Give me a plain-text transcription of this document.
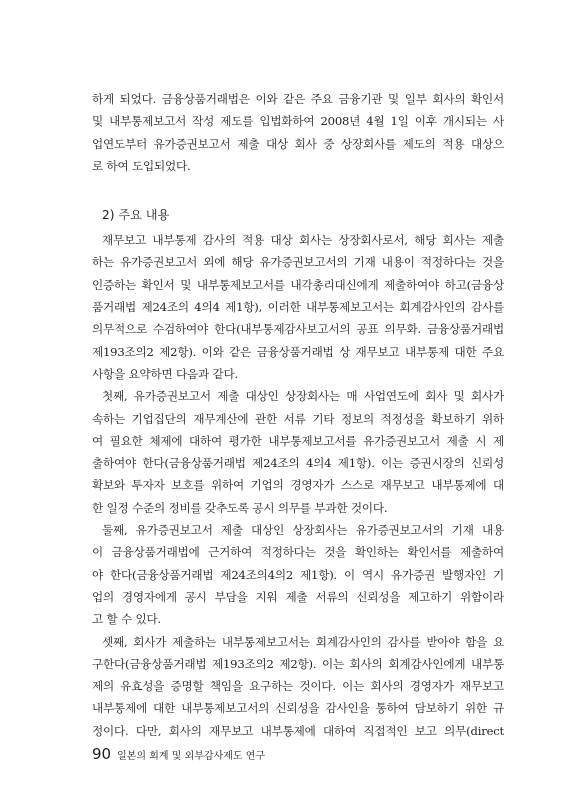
하게 되었다. 금융상품거래법은 이와 같은 주요 금융기관 및 일부 회사의 확인서
및 내부통제보고서 작성 제도를 입법화하여 2008년 4월 1일 이후 개시되는 사
업연도부터 유가증권보고서 제출 대상 회사 중 상장회사를 제도의 적용 대상으
로 하여 도입되었다.
2) 주요 내용
재무보고 내부통제 감사의 적용 대상 회사는 상장회사로서, 해당 회사는 제출
하는 유가증권보고서 외에 해당 유가증권보고서의 기재 내용이 적정하다는 것을
인증하는 확인서 및 내부통제보고서를 내각총리대신에게 제출하여야 하고(금융상
품거래법 제24조의 4의4 제1항), 이러한 내부통제보고서는 회계감사인의 감사를
의무적으로 수검하여야 한다(내부통제감사보고서의 공표 의무화. 금융상품거래법
제193조의2 제2항). 이와 같은 금융상품거래법 상 재무보고 내부통제 대한 주요
사항을 요약하면 다음과 같다.
첫째, 유가증권보고서 제출 대상인 상장회사는 매 사업연도에 회사 및 회사가
속하는 기업집단의 재무계산에 관한 서류 기타 정보의 적정성을 확보하기 위하
여 필요한 체제에 대하여 평가한 내부통제보고서를 유가증권보고서 제출 시 제
출하여야 한다(금융상품거래법 제24조의 4의4 제1항). 이는 증권시장의 신뢰성
확보와 투자자 보호를 위하여 기업의 경영자가 스스로 재무보고 내부통제에 대
한 일정 수준의 정비를 갖추도록 공시 의무를 부과한 것이다.
둘째, 유가증권보고서 제출 대상인 상장회사는 유가증권보고서의 기재 내용
이 금융상품거래법에 근거하여 적정하다는 것을 확인하는 확인서를 제출하여
야 한다(금융상품거래법 제24조의4의2 제1항). 이 역시 유가증권 발행자인 기
업의 경영자에게 공시 부담을 지워 제출 서류의 신뢰성을 제고하기 위함이라
고 할 수 있다.
셋째, 회사가 제출하는 내부통제보고서는 회계감사인의 감사를 받아야 함을 요
구한다(금융상품거래법 제193조의2 제2항). 이는 회사의 회계감사인에게 내부통
제의 유효성을 증명할 책임을 요구하는 것이다. 이는 회사의 경영자가 재무보고
내부통제에 대한 내부통제보고서의 신뢰성을 감사인을 통하여 담보하기 위한 규
정이다. 다만, 회사의 재무보고 내부통제에 대하여 직접적인 보고 의무(direct
90 일본의 회계 및 외부감사제도 연구
